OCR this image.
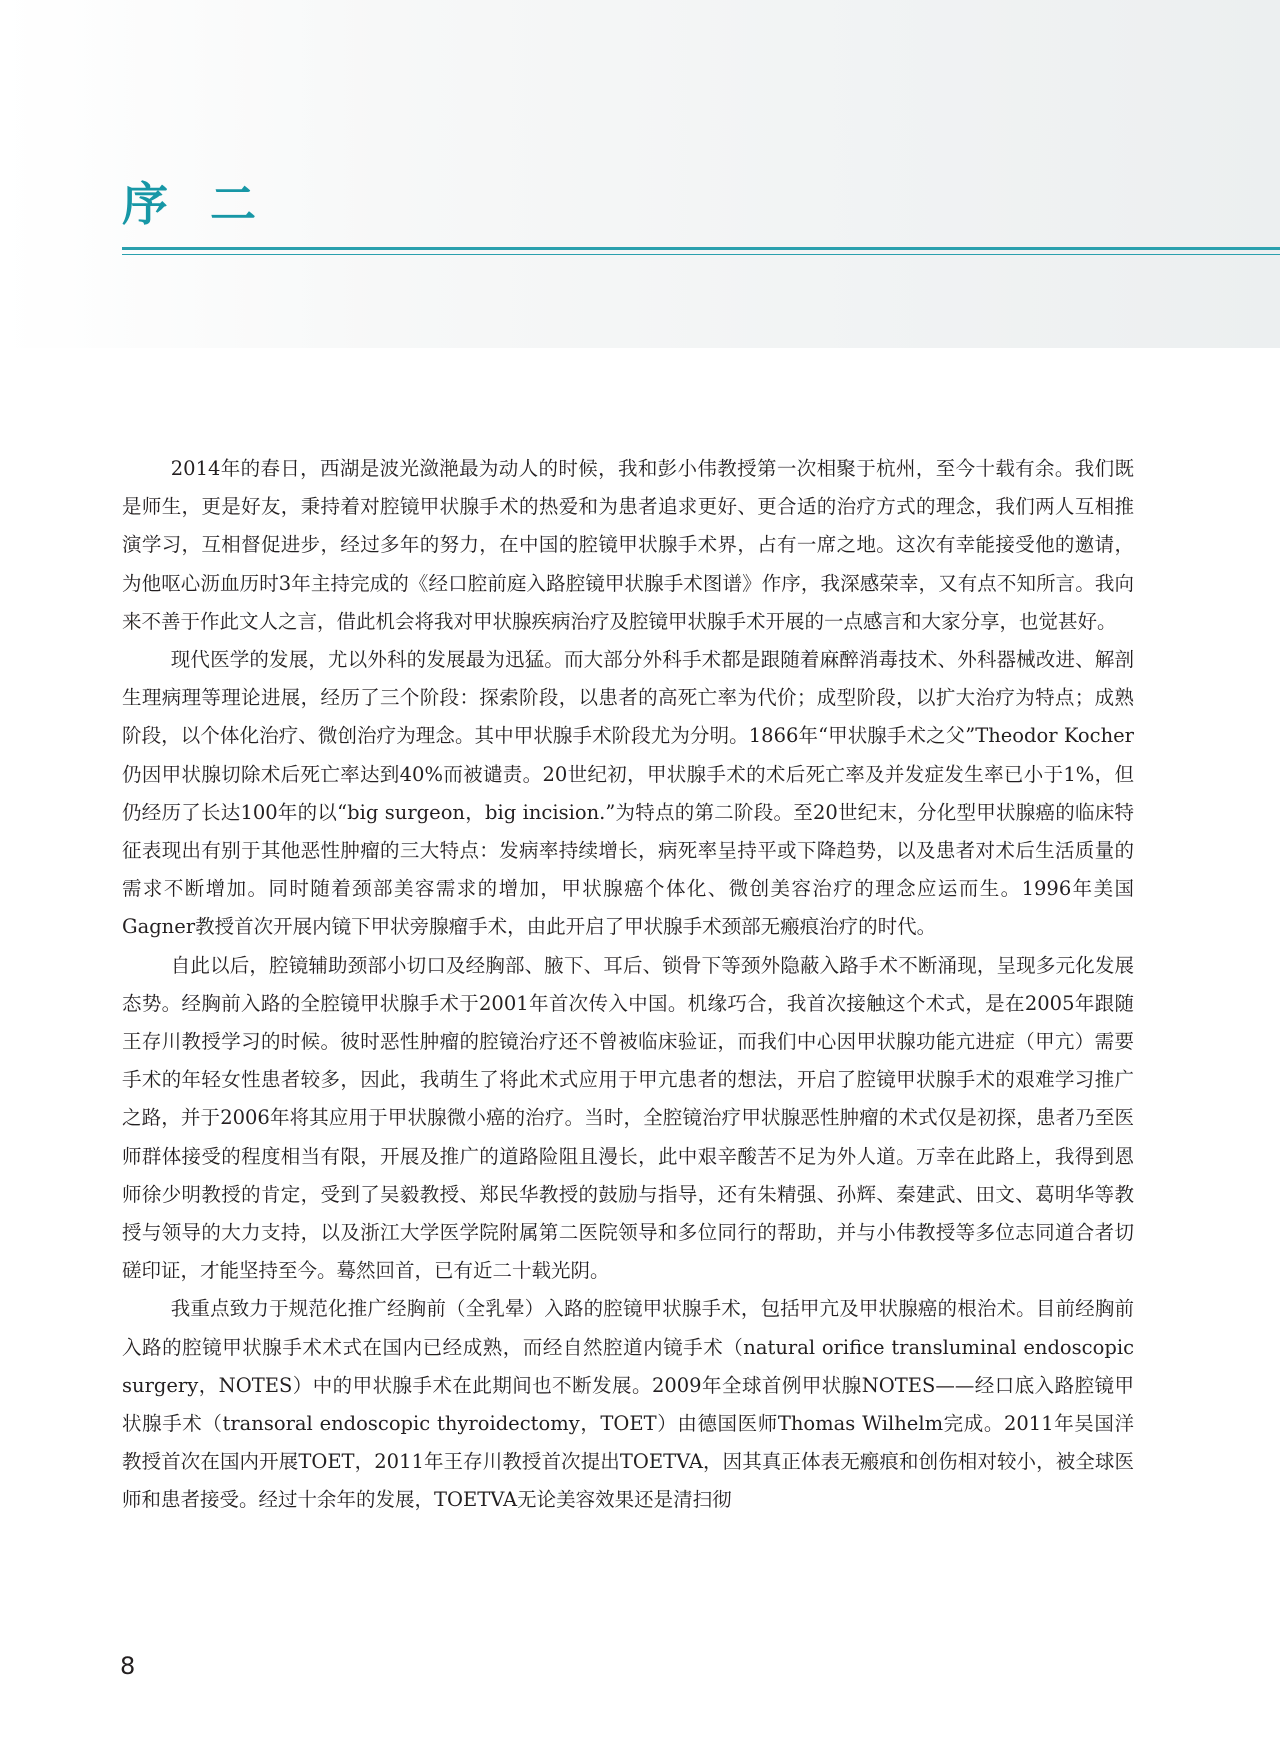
序二

2014年的春日，西湖是波光潋滟最为动人的时候，我和彭小伟教授第一次相聚于杭州，至今十载有余。我们既是师生，更是好友，秉持着对腔镜甲状腺手术的热爱和为患者追求更好、更合适的治疗方式的理念，我们两人互相推演学习，互相督促进步，经过多年的努力，在中国的腔镜甲状腺手术界，占有一席之地。这次有幸能接受他的邀请，为他呕心沥血历时3年主持完成的《经口腔前庭入路腔镜甲状腺手术图谱》作序，我深感荣幸，又有点不知所言。我向来不善于作此文人之言，借此机会将我对甲状腺疾病治疗及腔镜甲状腺手术开展的一点感言和大家分享，也觉甚好。

现代医学的发展，尤以外科的发展最为迅猛。而大部分外科手术都是跟随着麻醉消毒技术、外科器械改进、解剖生理病理等理论进展，经历了三个阶段：探索阶段，以患者的高死亡率为代价；成型阶段，以扩大治疗为特点；成熟阶段，以个体化治疗、微创治疗为理念。其中甲状腺手术阶段尤为分明。1866年“甲状腺手术之父”Theodor Kocher仍因甲状腺切除术后死亡率达到40%而被谴责。20世纪初，甲状腺手术的术后死亡率及并发症发生率已小于1%，但仍经历了长达100年的以“big surgeon，big incision.”为特点的第二阶段。至20世纪末，分化型甲状腺癌的临床特征表现出有别于其他恶性肿瘤的三大特点：发病率持续增长，病死率呈持平或下降趋势，以及患者对术后生活质量的需求不断增加。同时随着颈部美容需求的增加，甲状腺癌个体化、微创美容治疗的理念应运而生。1996年美国Gagner教授首次开展内镜下甲状旁腺瘤手术，由此开启了甲状腺手术颈部无瘢痕治疗的时代。

自此以后，腔镜辅助颈部小切口及经胸部、腋下、耳后、锁骨下等颈外隐蔽入路手术不断涌现，呈现多元化发展态势。经胸前入路的全腔镜甲状腺手术于2001年首次传入中国。机缘巧合，我首次接触这个术式，是在2005年跟随王存川教授学习的时候。彼时恶性肿瘤的腔镜治疗还不曾被临床验证，而我们中心因甲状腺功能亢进症（甲亢）需要手术的年轻女性患者较多，因此，我萌生了将此术式应用于甲亢患者的想法，开启了腔镜甲状腺手术的艰难学习推广之路，并于2006年将其应用于甲状腺微小癌的治疗。当时，全腔镜治疗甲状腺恶性肿瘤的术式仅是初探，患者乃至医师群体接受的程度相当有限，开展及推广的道路险阻且漫长，此中艰辛酸苦不足为外人道。万幸在此路上，我得到恩师徐少明教授的肯定，受到了吴毅教授、郑民华教授的鼓励与指导，还有朱精强、孙辉、秦建武、田文、葛明华等教授与领导的大力支持，以及浙江大学医学院附属第二医院领导和多位同行的帮助，并与小伟教授等多位志同道合者切磋印证，才能坚持至今。蓦然回首，已有近二十载光阴。

我重点致力于规范化推广经胸前（全乳晕）入路的腔镜甲状腺手术，包括甲亢及甲状腺癌的根治术。目前经胸前入路的腔镜甲状腺手术术式在国内已经成熟，而经自然腔道内镜手术（natural orifice transluminal endoscopic surgery，NOTES）中的甲状腺手术在此期间也不断发展。2009年全球首例甲状腺NOTES——经口底入路腔镜甲状腺手术（transoral endoscopic thyroidectomy，TOET）由德国医师Thomas Wilhelm完成。2011年吴国洋教授首次在国内开展TOET，2011年王存川教授首次提出TOETVA，因其真正体表无瘢痕和创伤相对较小，被全球医师和患者接受。经过十余年的发展，TOETVA无论美容效果还是清扫彻

8
